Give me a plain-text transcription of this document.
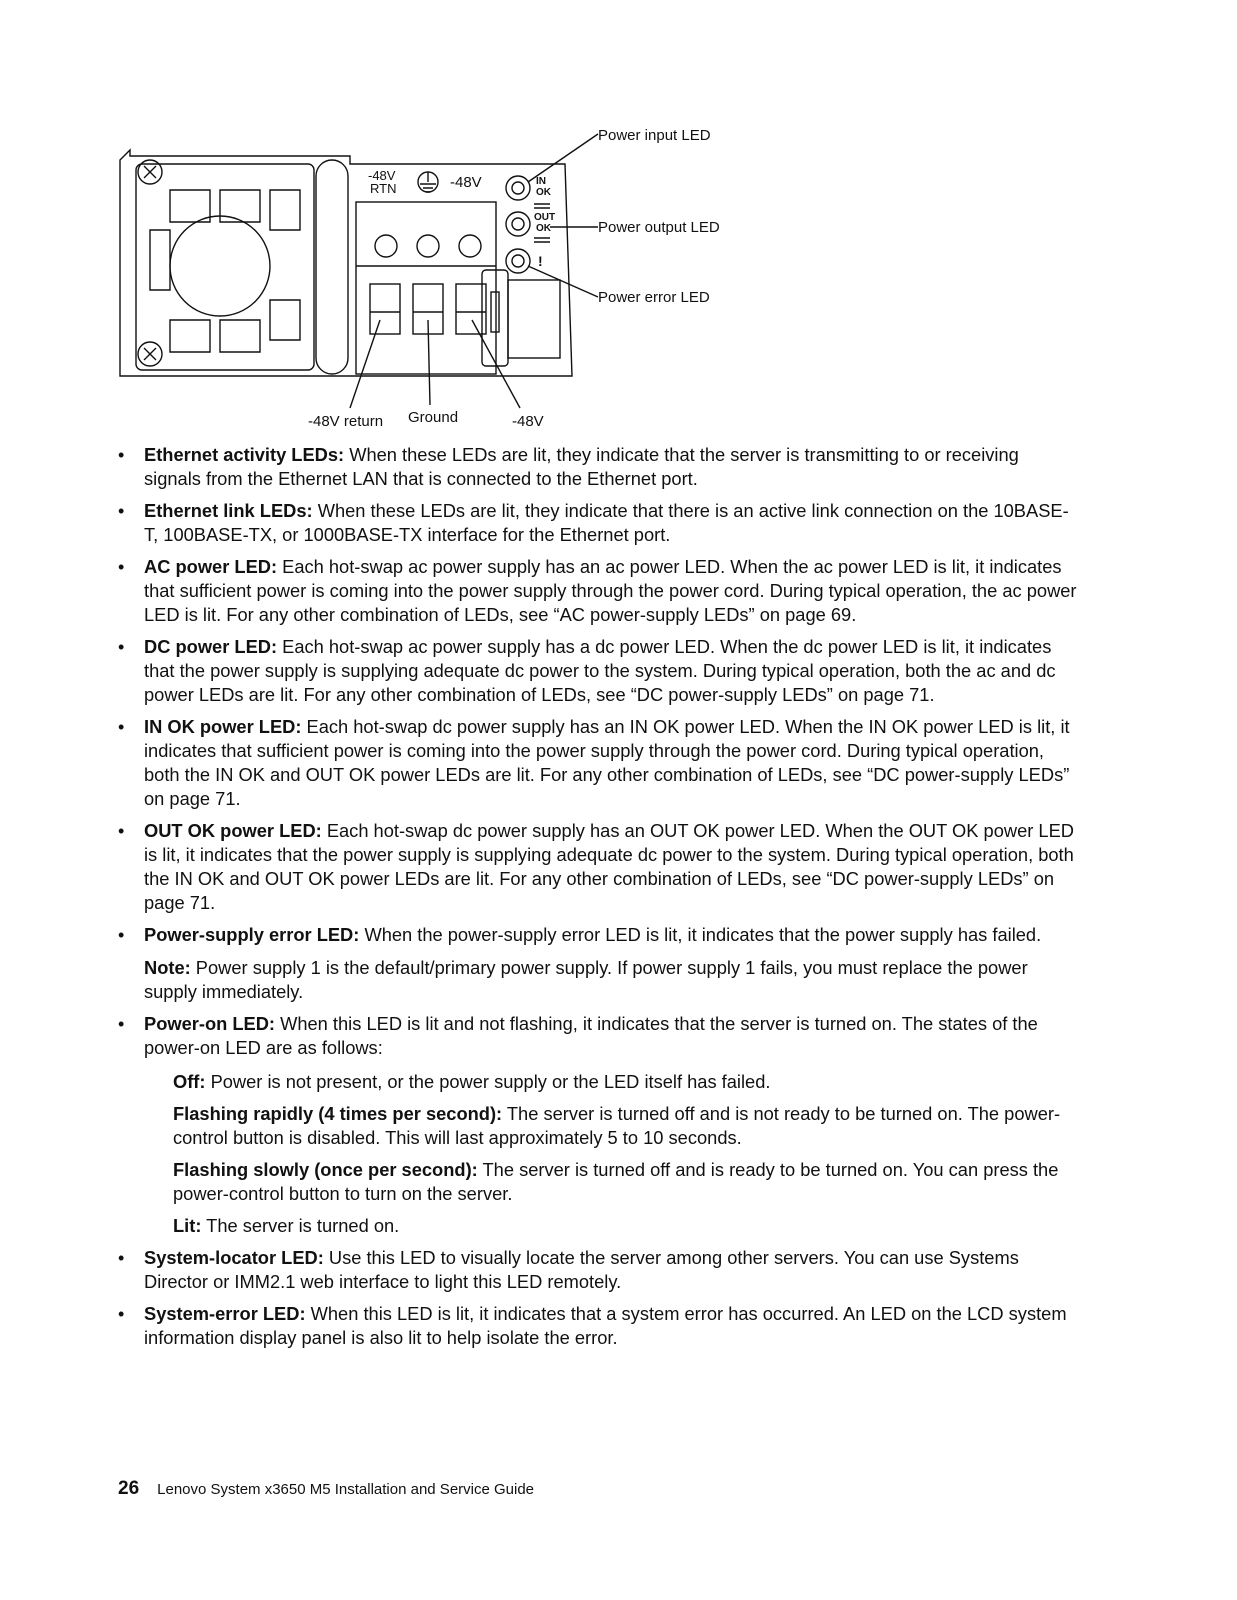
-48V
RTN	-48V	IN
OK
OUT
OK
!
Power input LED
Power output LED
Power error LED
-48V return Ground	-48V
• Ethernet activity LEDs: When these LEDs are lit, they indicate that the server is transmitting to or receiving signals from the Ethernet LAN that is connected to the Ethernet port.
• Ethernet link LEDs: When these LEDs are lit, they indicate that there is an active link connection on the 10BASE-T, 100BASE-TX, or 1000BASE-TX interface for the Ethernet port.
• AC power LED: Each hot-swap ac power supply has an ac power LED. When the ac power LED is lit, it indicates that sufficient power is coming into the power supply through the power cord. During typical operation, the ac power LED is lit. For any other combination of LEDs, see “AC power-supply LEDs” on page 69.
• DC power LED: Each hot-swap ac power supply has a dc power LED. When the dc power LED is lit, it indicates that the power supply is supplying adequate dc power to the system. During typical operation, both the ac and dc power LEDs are lit. For any other combination of LEDs, see “DC power-supply LEDs” on page 71.
• IN OK power LED: Each hot-swap dc power supply has an IN OK power LED. When the IN OK power LED is lit, it indicates that sufficient power is coming into the power supply through the power cord. During typical operation, both the IN OK and OUT OK power LEDs are lit. For any other combination of LEDs, see “DC power-supply LEDs” on page 71.
• OUT OK power LED: Each hot-swap dc power supply has an OUT OK power LED. When the OUT OK power LED is lit, it indicates that the power supply is supplying adequate dc power to the system. During typical operation, both the IN OK and OUT OK power LEDs are lit. For any other combination of LEDs, see “DC power-supply LEDs” on page 71.
• Power-supply error LED: When the power-supply error LED is lit, it indicates that the power supply has failed.
Note: Power supply 1 is the default/primary power supply. If power supply 1 fails, you must replace the power supply immediately.
• Power-on LED: When this LED is lit and not flashing, it indicates that the server is turned on. The states of the power-on LED are as follows:
Off: Power is not present, or the power supply or the LED itself has failed.
Flashing rapidly (4 times per second): The server is turned off and is not ready to be turned on. The power-control button is disabled. This will last approximately 5 to 10 seconds.
Flashing slowly (once per second): The server is turned off and is ready to be turned on. You can press the power-control button to turn on the server.
Lit: The server is turned on.
• System-locator LED: Use this LED to visually locate the server among other servers. You can use Systems Director or IMM2.1 web interface to light this LED remotely.
• System-error LED: When this LED is lit, it indicates that a system error has occurred. An LED on the LCD system information display panel is also lit to help isolate the error.
26 Lenovo System x3650 M5 Installation and Service Guide
